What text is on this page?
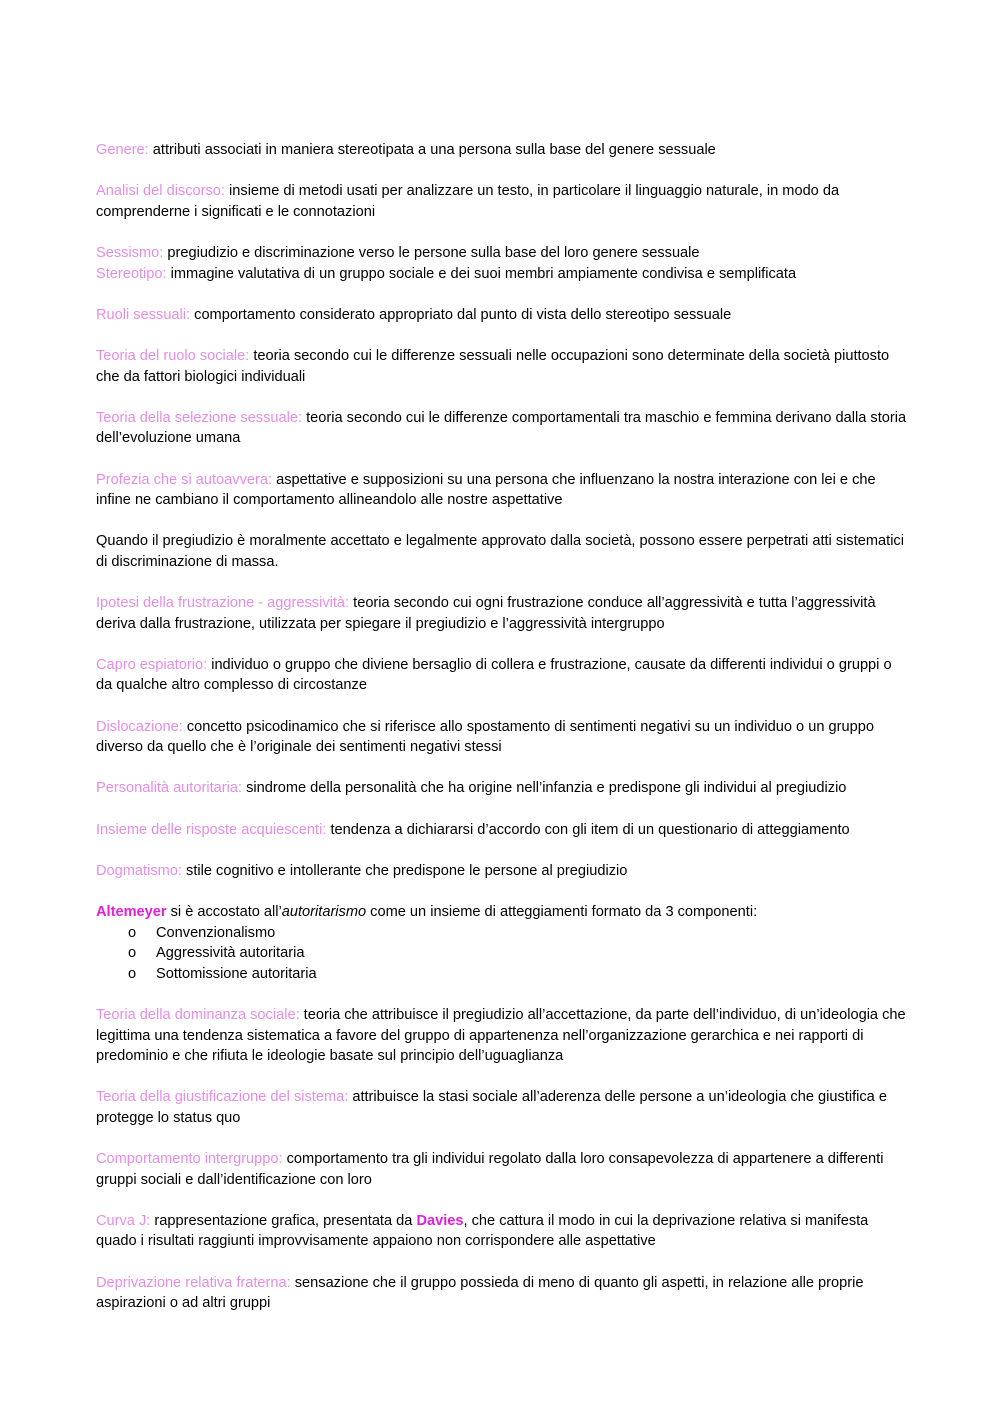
Genere: attributi associati in maniera stereotipata a una persona sulla base del genere sessuale

Analisi del discorso: insieme di metodi usati per analizzare un testo, in particolare il linguaggio naturale, in modo da comprenderne i significati e le connotazioni

Sessismo: pregiudizio e discriminazione verso le persone sulla base del loro genere sessuale

Stereotipo: immagine valutativa di un gruppo sociale e dei suoi membri ampiamente condivisa e semplificata

Ruoli sessuali: comportamento considerato appropriato dal punto di vista dello stereotipo sessuale

Teoria del ruolo sociale: teoria secondo cui le differenze sessuali nelle occupazioni sono determinate della società piuttosto che da fattori biologici individuali

Teoria della selezione sessuale: teoria secondo cui le differenze comportamentali tra maschio e femmina derivano dalla storia dell’evoluzione umana

Profezia che si autoavvera: aspettative e supposizioni su una persona che influenzano la nostra interazione con lei e che infine ne cambiano il comportamento allineandolo alle nostre aspettative

Quando il pregiudizio è moralmente accettato e legalmente approvato dalla società, possono essere perpetrati atti sistematici di discriminazione di massa.

Ipotesi della frustrazione - aggressività: teoria secondo cui ogni frustrazione conduce all’aggressività e tutta l’aggressività deriva dalla frustrazione, utilizzata per spiegare il pregiudizio e l’aggressività intergruppo

Capro espiatorio: individuo o gruppo che diviene bersaglio di collera e frustrazione, causate da differenti individui o gruppi o da qualche altro complesso di circostanze

Dislocazione: concetto psicodinamico che si riferisce allo spostamento di sentimenti negativi su un individuo o un gruppo diverso da quello che è l’originale dei sentimenti negativi stessi

Personalità autoritaria: sindrome della personalità che ha origine nell’infanzia e predispone gli individui al pregiudizio

Insieme delle risposte acquiescenti: tendenza a dichiararsi d’accordo con gli item di un questionario di atteggiamento

Dogmatismo: stile cognitivo e intollerante che predispone le persone al pregiudizio

Altemeyer si è accostato all’autoritarismo come un insieme di atteggiamenti formato da 3 componenti:

o Convenzionalismo
o Aggressività autoritaria
o Sottomissione autoritaria

Teoria della dominanza sociale: teoria che attribuisce il pregiudizio all’accettazione, da parte dell’individuo, di un’ideologia che legittima una tendenza sistematica a favore del gruppo di appartenenza nell’organizzazione gerarchica e nei rapporti di predominio e che rifiuta le ideologie basate sul principio dell’uguaglianza

Teoria della giustificazione del sistema: attribuisce la stasi sociale all’aderenza delle persone a un’ideologia che giustifica e protegge lo status quo

Comportamento intergruppo: comportamento tra gli individui regolato dalla loro consapevolezza di appartenere a differenti gruppi sociali e dall’identificazione con loro

Curva J: rappresentazione grafica, presentata da Davies, che cattura il modo in cui la deprivazione relativa si manifesta quado i risultati raggiunti improvvisamente appaiono non corrispondere alle aspettative

Deprivazione relativa fraterna: sensazione che il gruppo possieda di meno di quanto gli aspetti, in relazione alle proprie aspirazioni o ad altri gruppi
